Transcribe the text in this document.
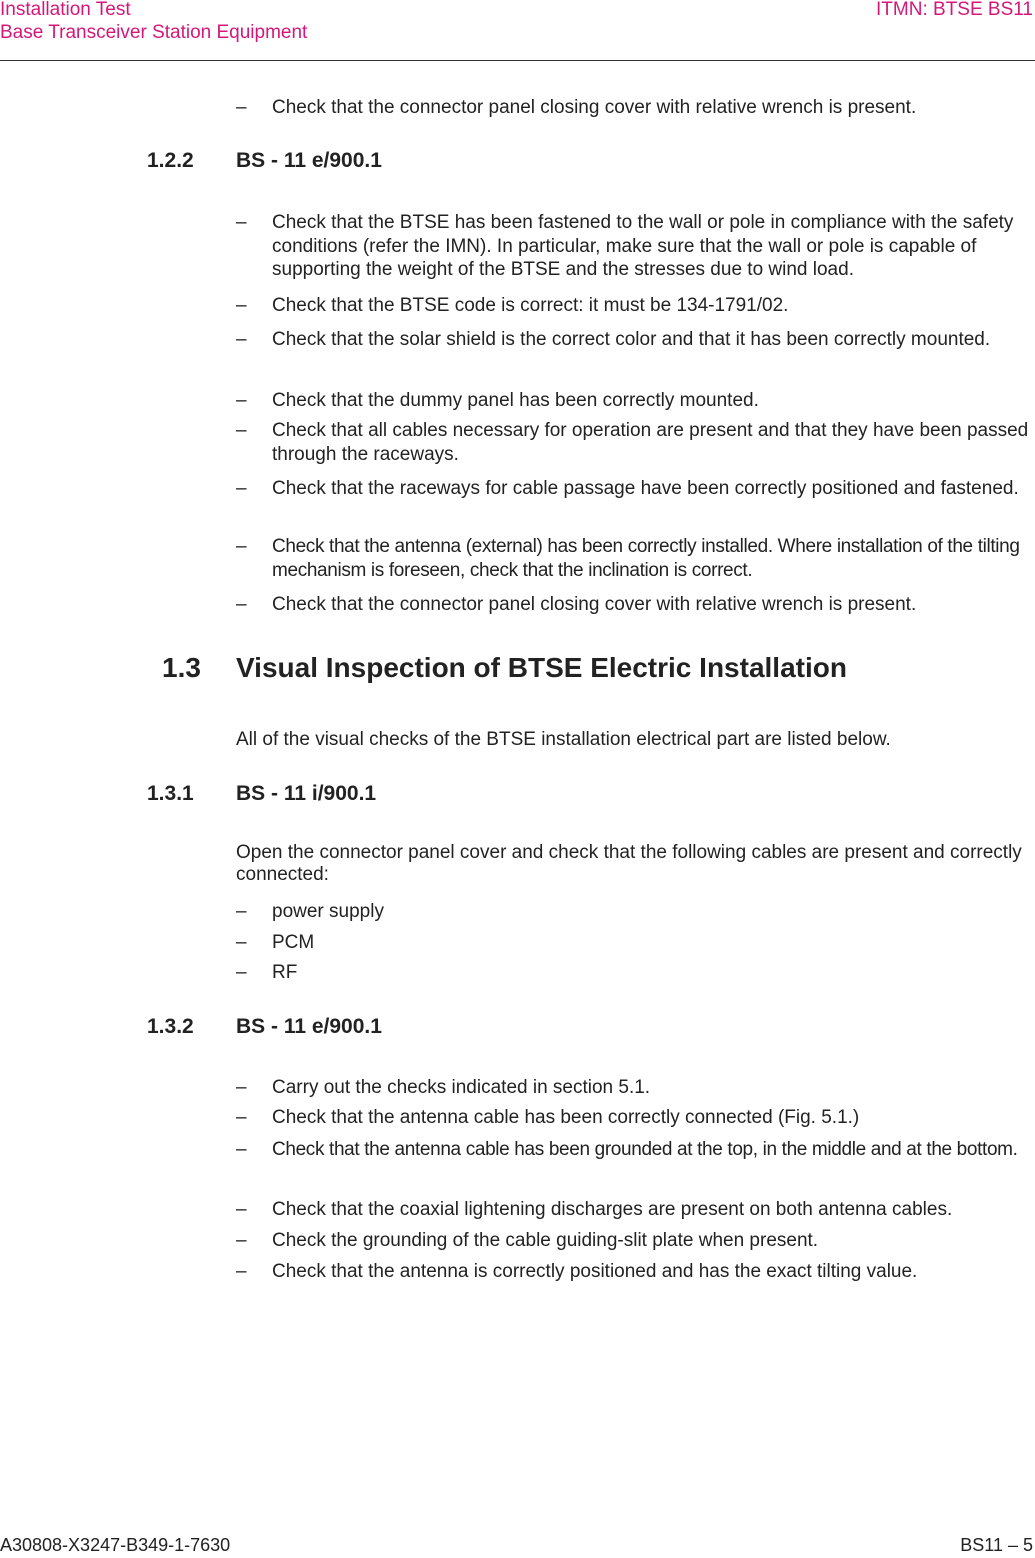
Installation Test
Base Transceiver Station Equipment
ITMN: BTSE BS11
– Check that the connector panel closing cover with relative wrench is present.
1.2.2 BS - 11 e/900.1
– Check that the BTSE has been fastened to the wall or pole in compliance with the safety conditions (refer the IMN). In particular, make sure that the wall or pole is capable of supporting the weight of the BTSE and the stresses due to wind load.
– Check that the BTSE code is correct: it must be 134-1791/02.
– Check that the solar shield is the correct color and that it has been correctly mounted.
– Check that the dummy panel has been correctly mounted.
– Check that all cables necessary for operation are present and that they have been passed through the raceways.
– Check that the raceways for cable passage have been correctly positioned and fastened.
– Check that the antenna (external) has been correctly installed. Where installation of the tilting mechanism is foreseen, check that the inclination is correct.
– Check that the connector panel closing cover with relative wrench is present.
1.3 Visual Inspection of BTSE Electric Installation
All of the visual checks of the BTSE installation electrical part are listed below.
1.3.1 BS - 11 i/900.1
Open the connector panel cover and check that the following cables are present and correctly connected:
– power supply
– PCM
– RF
1.3.2 BS - 11 e/900.1
– Carry out the checks indicated in section 5.1.
– Check that the antenna cable has been correctly connected (Fig. 5.1.)
– Check that the antenna cable has been grounded at the top, in the middle and at the bottom.
– Check that the coaxial lightening discharges are present on both antenna cables.
– Check the grounding of the cable guiding-slit plate when present.
– Check that the antenna is correctly positioned and has the exact tilting value.
A30808-X3247-B349-1-7630	BS11 – 5
